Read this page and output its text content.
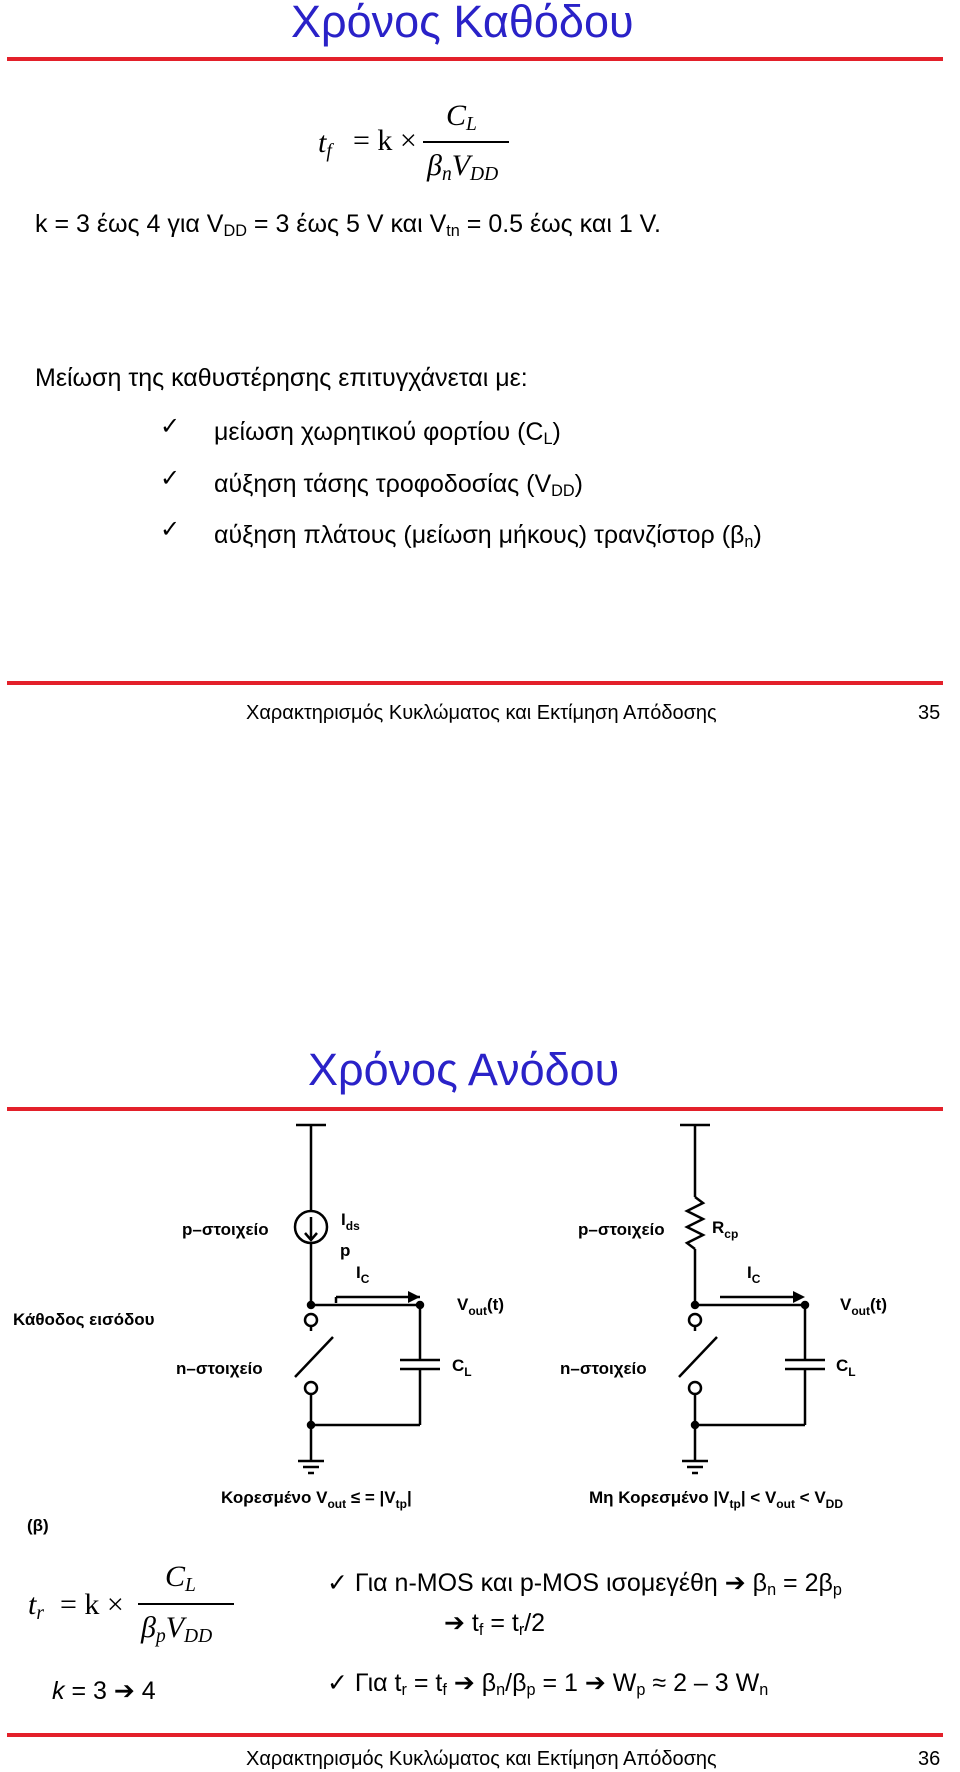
Χρόνος Καθόδου
$t_f = k$ ×
$C_L$
$\beta_nV_{DD}$
k = 3 έως 4 για $V_{DD} = 3$ έως 5 V και $V_{tn} = 0.5$ έως και 1 V.
Μείωση της καθυστέρησης επιτυγχάνεται με:
✓ μείωση χωρητικού φορτίου $(C_L)$
✓ αύξηση τάσης τροφοδοσίας $(V_{DD})$
✓ αύξηση πλάτους (μείωση μήκους) τρανζίστορ $(\beta_n)$
Χαρακτηρισμός Κυκλώματος και Εκτίμηση Απόδοσης	35
Χρόνος Ανόδου
p–στοιχείο
$I_{ds}$
p
$I_C$
$V_{out}(t)$
Κάθοδος εισόδου
n–στοιχείο	$C_L$
Κορεσμένο $V_{out}$ ≤ = $|V_{tp}|$
(β)
p–στοιχείο	$R_{cp}$
$I_C$
$V_{out}(t)$
n–στοιχείο	$C_L$
Μη Κορεσμένο $|V_{tp}| < V_{out} < V_{DD}$
$t_r = k$ ×
$C_L$
$\beta_pV_{DD}$
k = 3 ➔ 4
✓ Για n-MOS και p-MOS ισομεγέθη ➔ $\beta_n = 2\beta_p$
➔ $t_f = t_r/2$
✓ Για $t_r = t_f$ ➔ $\beta_n/\beta_p = 1$ ➔ $W_p \approx 2 - 3$ $W_n$
Χαρακτηρισμός Κυκλώματος και Εκτίμηση Απόδοσης	36
